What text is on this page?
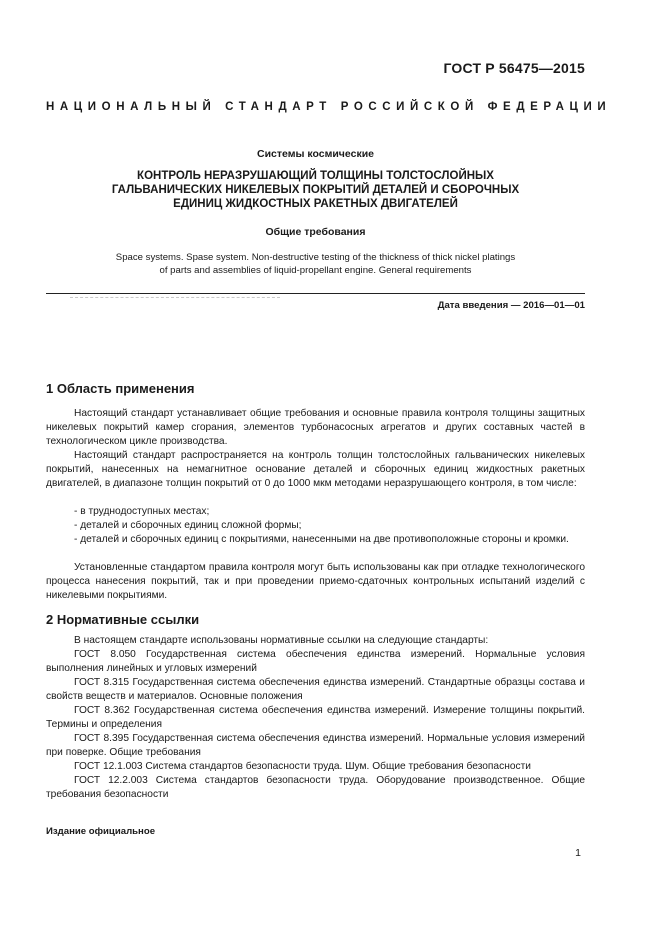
ГОСТ Р 56475—2015
НАЦИОНАЛЬНЫЙ СТАНДАРТ РОССИЙСКОЙ ФЕДЕРАЦИИ
Системы космические
КОНТРОЛЬ НЕРАЗРУШАЮЩИЙ ТОЛЩИНЫ ТОЛСТОСЛОЙНЫХ
ГАЛЬВАНИЧЕСКИХ НИКЕЛЕВЫХ ПОКРЫТИЙ ДЕТАЛЕЙ И СБОРОЧНЫХ
ЕДИНИЦ ЖИДКОСТНЫХ РАКЕТНЫХ ДВИГАТЕЛЕЙ
Общие требования
Space systems. Spase system. Non-destructive testing of the thickness of thick nickel platings
of parts and assemblies of liquid-propellant engine. General requirements
Дата введения — 2016—01—01
1 Область применения
Настоящий стандарт устанавливает общие требования и основные правила контроля толщины защитных никелевых покрытий камер сгорания, элементов турбонасосных агрегатов и других составных частей в технологическом цикле производства.
Настоящий стандарт распространяется на контроль толщин толстослойных гальванических никелевых покрытий, нанесенных на немагнитное основание деталей и сборочных единиц жидкостных ракетных двигателей, в диапазоне толщин покрытий от 0 до 1000 мкм методами неразрушающего контроля, в том числе:
- в труднодоступных местах;
- деталей и сборочных единиц сложной формы;
- деталей и сборочных единиц с покрытиями, нанесенными на две противоположные стороны и кромки.
Установленные стандартом правила контроля могут быть использованы как при отладке технологического процесса нанесения покрытий, так и при проведении приемо-сдаточных контрольных испытаний изделий с никелевыми покрытиями.
2 Нормативные ссылки
В настоящем стандарте использованы нормативные ссылки на следующие стандарты:
ГОСТ 8.050 Государственная система обеспечения единства измерений. Нормальные условия выполнения линейных и угловых измерений
ГОСТ 8.315 Государственная система обеспечения единства измерений. Стандартные образцы состава и свойств веществ и материалов. Основные положения
ГОСТ 8.362 Государственная система обеспечения единства измерений. Измерение толщины покрытий. Термины и определения
ГОСТ 8.395 Государственная система обеспечения единства измерений. Нормальные условия измерений при поверке. Общие требования
ГОСТ 12.1.003 Система стандартов безопасности труда. Шум. Общие требования безопасности
ГОСТ 12.2.003 Система стандартов безопасности труда. Оборудование производственное. Общие требования безопасности
Издание официальное
1
